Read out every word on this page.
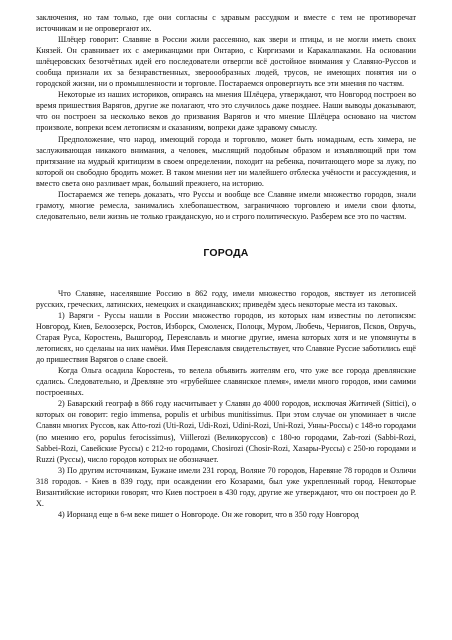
заключения, но там только, где они согласны с здравым рассудком и вместе с тем не противоречат источникам и не опровергают их.

Шлёцер говорит: Славяне в России жили рассеянно, как звери и птицы, и не могли иметь своих Князей. Он сравнивает их с американцами при Онтарио, с Киргизами и Каракалпаками. На основании шлёцеровских безотчётных идей его последователи отвергли всё достойное внимания у Славяно-Руссов и сообща признали их за безнравственных, звероообразных людей, трусов, не имеющих понятия ни о городской жизни, ни о промышленности и торговле. Постараемся опровергнуть все эти мнения по частям.

Некоторые из наших историков, опираясь на мнения Шлёцера, утверждают, что Новгород построен во время пришествия Варягов, другие же полагают, что это случилось даже позднее. Наши выводы доказывают, что он построен за несколько веков до призвания Варягов и что мнение Шлёцера основано на чистом произволе, вопреки всем летописям и сказаниям, вопреки даже здравому смыслу.

Предположение, что народ, имеющий города и торговлю, может быть номадным, есть химера, не заслуживающая никакого внимания, а человек, мыслящий подобным образом и изъявляющий при том притязание на мудрый критицизм в своем определении, походит на ребенка, почитающего море за лужу, по которой он свободно бродить может. В таком мнении нет ни малейшего отблеска учёности и рассуждения, и вместо света оно разливает мрак, больший прежнего, на историю.

Постараемся же теперь доказать, что Руссы и вообще все Славяне имели множество городов, знали грамоту, многие ремесла, занимались хлебопашеством, заграничною торговлею и имели свои флоты, следовательно, вели жизнь не только гражданскую, но и строго политическую. Разберем все это по частям.

ГОРОДА

Что Славяне, населявшие Россию в 862 году, имели множество городов, явствует из летописей русских, греческих, латинских, немецких и скандинавских; приведём здесь некоторые места из таковых.

1) Варяги - Руссы нашли в России множество городов, из которых нам известны по летописям: Новгород, Киев, Белоозерск, Ростов, Изборск, Смоленск, Полоцк, Муром, Любечь, Чернигов, Псков, Овручь, Старая Руса, Коростень, Вышгород, Переяславль и многие другие, имена которых хотя и не упомянуты в летописях, но сделаны на них намёки. Имя Переяславля свидетельствует, что Славяне Руссие заботились ещё до пришествия Варягов о славе своей.

Когда Ольга осадила Коростень, то велела объявить жителям его, что уже все города древлянские сдались. Следовательно, и Древляне это «грубейшее славянское племя», имели много городов, ими самими построенных.

2) Баварский географ в 866 году насчитывает у Славян до 4000 городов, исключая Житичей (Sittici), о которых он говорит: regio immensa, populis et urbibus munitissimus. При этом случае он упоминает в числе Славян многих Руссов, как Atto-rozi (Uti-Rozi, Udi-Rozi, Udini-Rozi, Uni-Rozi, Унны-Россы) с 148-ю городами (по мнению его, populus ferocissimus), Viillerozi (Великоруссов) с 180-ю городами, Zab-rozi (Sabbi-Rozi, Sabbei-Rozi, Савейские Руссы) с 212-ю городами, Chosirozi (Chosir-Rozi, Хазары-Руссы) с 250-ю городами и Ruzzi (Руссы), число городов которых не обозначает.

3) По другим источникам, Бужане имели 231 город, Воляне 70 городов, Наревяне 78 городов и Озличи 318 городов. - Киев в 839 году, при осаждении его Козарами, был уже укрепленный город. Некоторые Византийские историки говорят, что Киев построен в 430 году, другие же утверждают, что он построен до Р. Х.

4) Иорнанд еще в 6-м веке пишет о Новгороде. Он же говорит, что в 350 году Новгород
